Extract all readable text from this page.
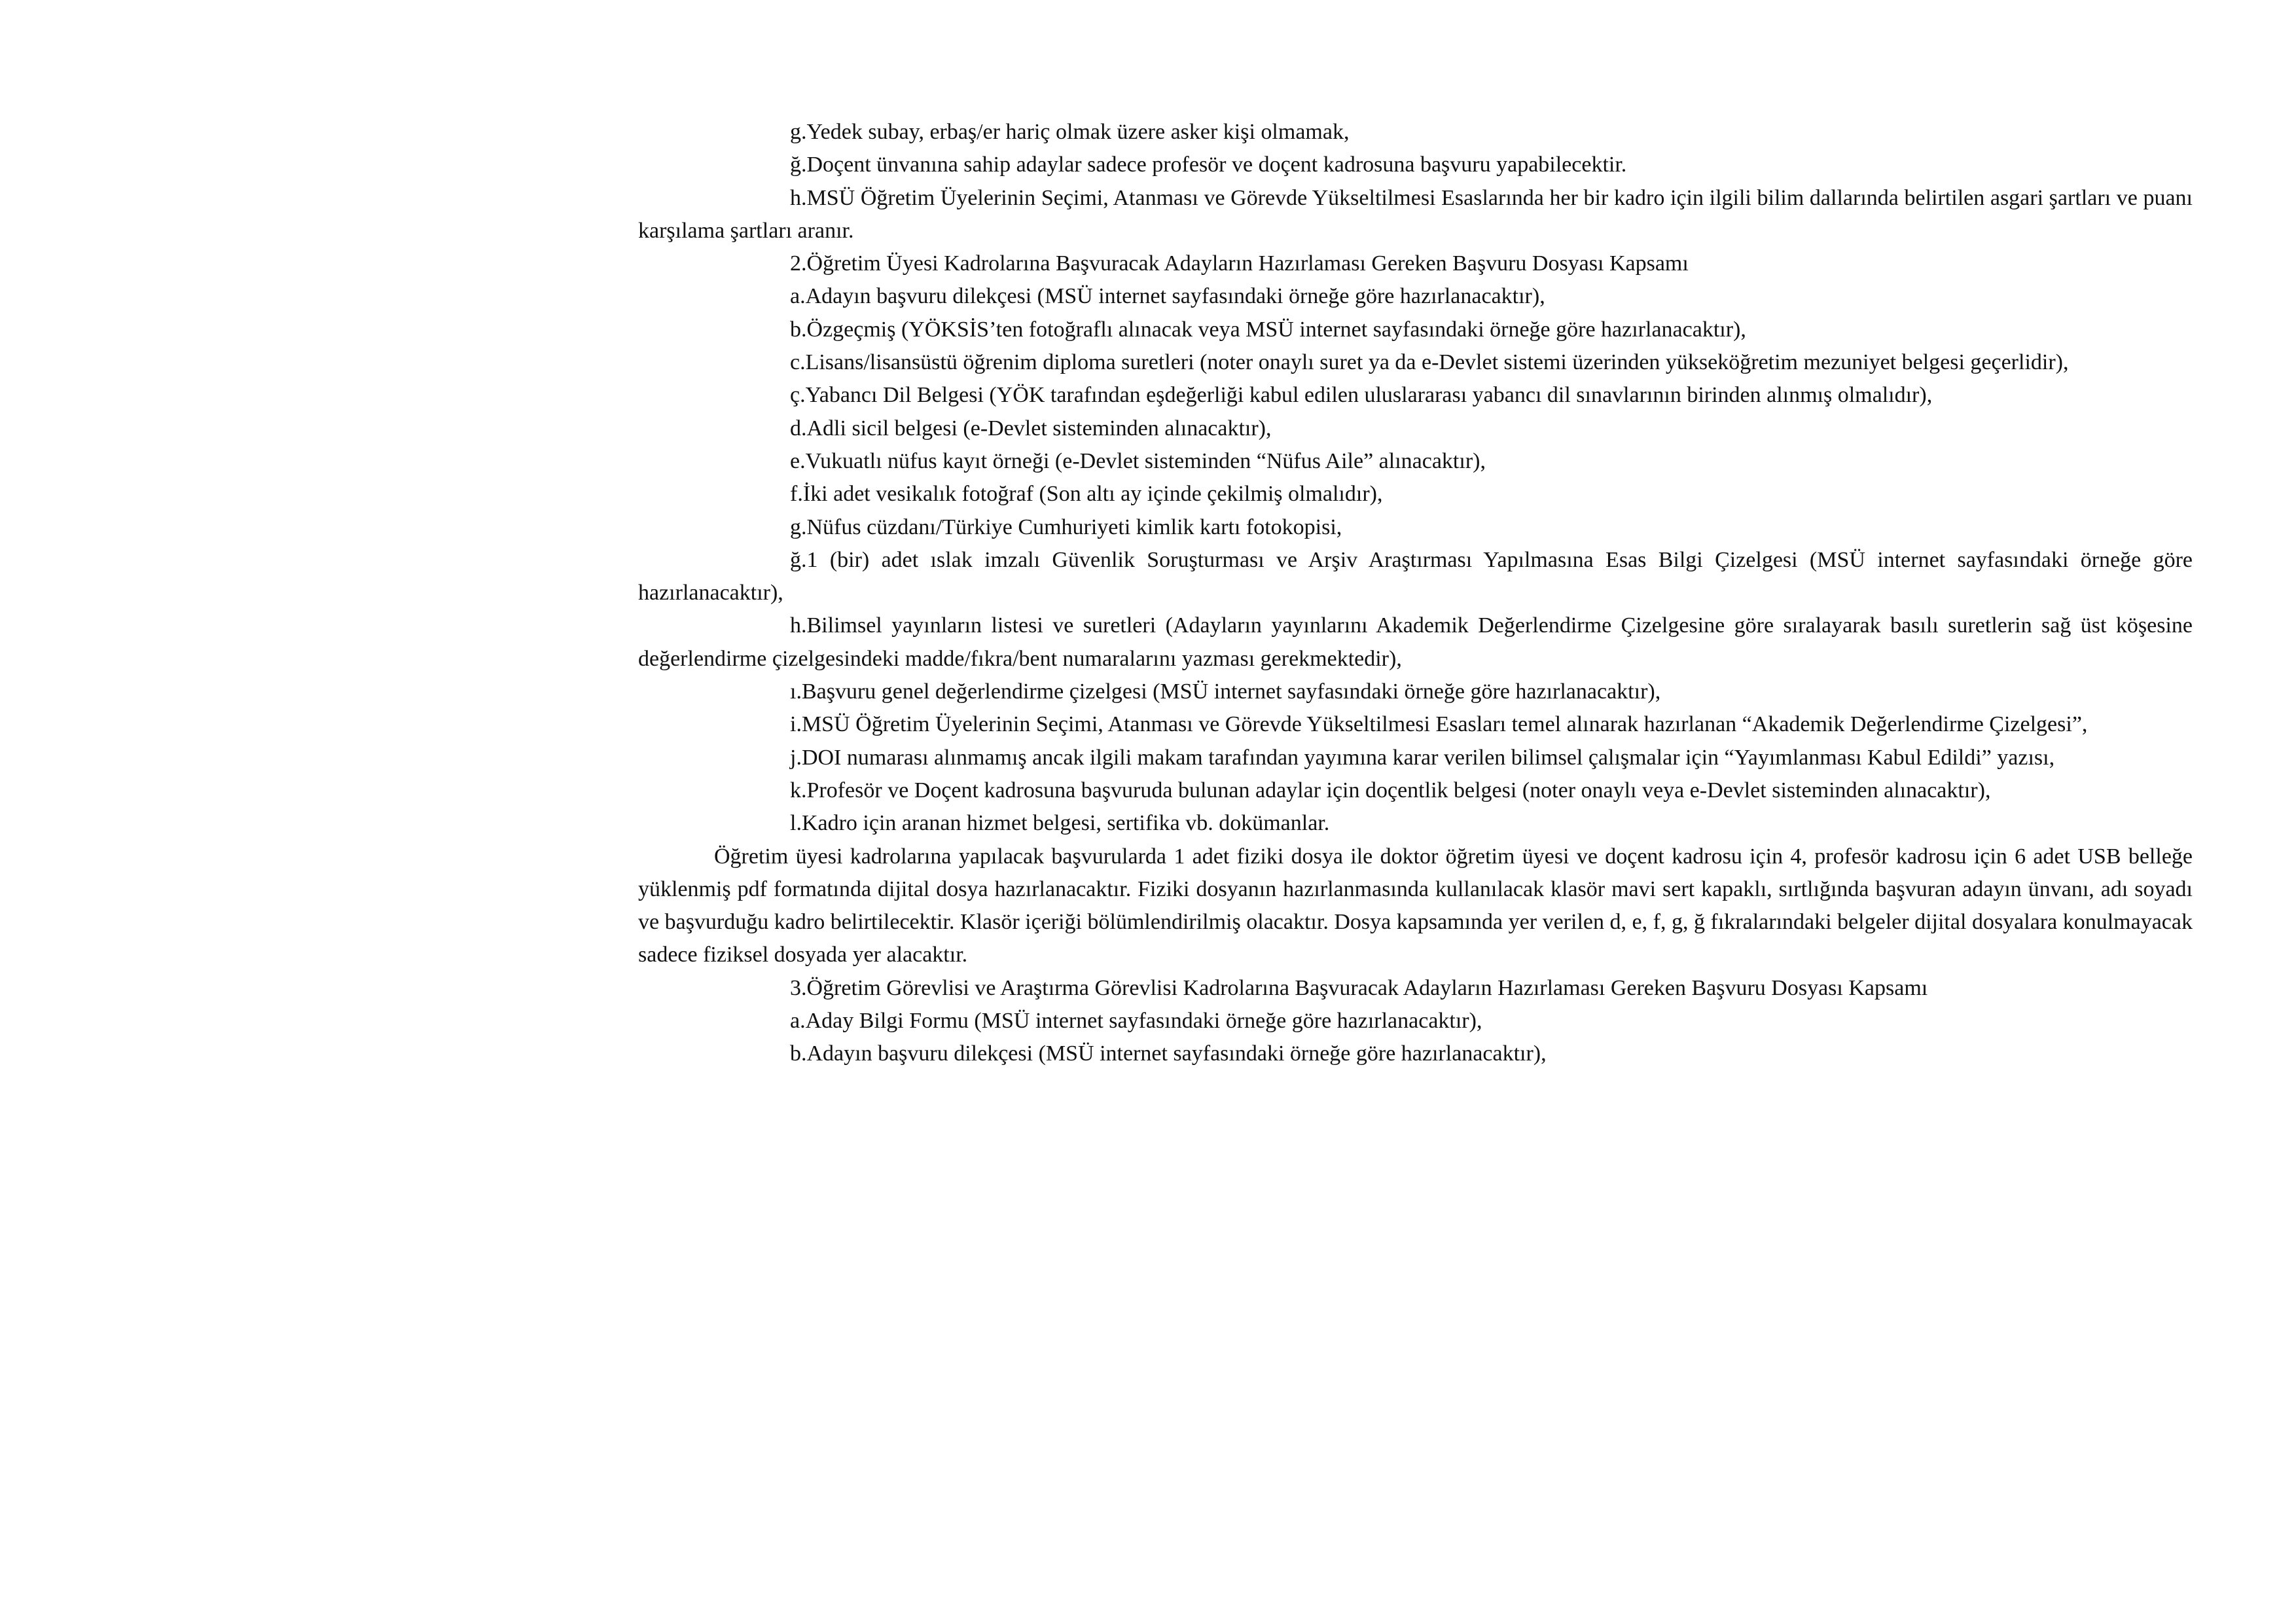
g.Yedek subay, erbaş/er hariç olmak üzere asker kişi olmamak,

ğ.Doçent ünvanına sahip adaylar sadece profesör ve doçent kadrosuna başvuru yapabilecektir.

h.MSÜ Öğretim Üyelerinin Seçimi, Atanması ve Görevde Yükseltilmesi Esaslarında her bir kadro için ilgili bilim dallarında belirtilen asgari şartları ve puanı karşılama şartları aranır.

2.Öğretim Üyesi Kadrolarına Başvuracak Adayların Hazırlaması Gereken Başvuru Dosyası Kapsamı

a.Adayın başvuru dilekçesi (MSÜ internet sayfasındaki örneğe göre hazırlanacaktır),

b.Özgeçmiş (YÖKSİS’ten fotoğraflı alınacak veya MSÜ internet sayfasındaki örneğe göre hazırlanacaktır),

c.Lisans/lisansüstü öğrenim diploma suretleri (noter onaylı suret ya da e-Devlet sistemi üzerinden yükseköğretim mezuniyet belgesi geçerlidir),

ç.Yabancı Dil Belgesi (YÖK tarafından eşdeğerliği kabul edilen uluslararası yabancı dil sınavlarının birinden alınmış olmalıdır),

d.Adli sicil belgesi (e-Devlet sisteminden alınacaktır),

e.Vukuatlı nüfus kayıt örneği (e-Devlet sisteminden “Nüfus Aile” alınacaktır),

f.İki adet vesikalık fotoğraf (Son altı ay içinde çekilmiş olmalıdır),

g.Nüfus cüzdanı/Türkiye Cumhuriyeti kimlik kartı fotokopisi,

ğ.1 (bir) adet ıslak imzalı Güvenlik Soruşturması ve Arşiv Araştırması Yapılmasına Esas Bilgi Çizelgesi (MSÜ internet sayfasındaki örneğe göre hazırlanacaktır),

h.Bilimsel yayınların listesi ve suretleri (Adayların yayınlarını Akademik Değerlendirme Çizelgesine göre sıralayarak basılı suretlerin sağ üst köşesine değerlendirme çizelgesindeki madde/fıkra/bent numaralarını yazması gerekmektedir),

ı.Başvuru genel değerlendirme çizelgesi (MSÜ internet sayfasındaki örneğe göre hazırlanacaktır),

i.MSÜ Öğretim Üyelerinin Seçimi, Atanması ve Görevde Yükseltilmesi Esasları temel alınarak hazırlanan “Akademik Değerlendirme Çizelgesi”,

j.DOI numarası alınmamış ancak ilgili makam tarafından yayımına karar verilen bilimsel çalışmalar için “Yayımlanması Kabul Edildi” yazısı,

k.Profesör ve Doçent kadrosuna başvuruda bulunan adaylar için doçentlik belgesi (noter onaylı veya e-Devlet sisteminden alınacaktır),

l.Kadro için aranan hizmet belgesi, sertifika vb. dokümanlar.

Öğretim üyesi kadrolarına yapılacak başvurularda 1 adet fiziki dosya ile doktor öğretim üyesi ve doçent kadrosu için 4, profesör kadrosu için 6 adet USB belleğe yüklenmiş pdf formatında dijital dosya hazırlanacaktır. Fiziki dosyanın hazırlanmasında kullanılacak klasör mavi sert kapaklı, sırtlığında başvuran adayın ünvanı, adı soyadı ve başvurduğu kadro belirtilecektir. Klasör içeriği bölümlendirilmiş olacaktır. Dosya kapsamında yer verilen d, e, f, g, ğ fıkralarındaki belgeler dijital dosyalara konulmayacak sadece fiziksel dosyada yer alacaktır.

3.Öğretim Görevlisi ve Araştırma Görevlisi Kadrolarına Başvuracak Adayların Hazırlaması Gereken Başvuru Dosyası Kapsamı

a.Aday Bilgi Formu (MSÜ internet sayfasındaki örneğe göre hazırlanacaktır),

b.Adayın başvuru dilekçesi (MSÜ internet sayfasındaki örneğe göre hazırlanacaktır),
